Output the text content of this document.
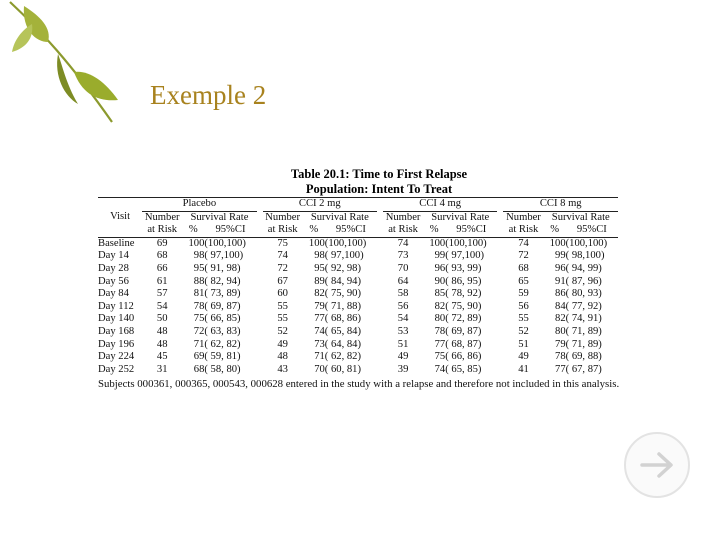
Exemple 2
Table 20.1: Time to First Relapse
Population: Intent To Treat
	Placebo				CCI 2 mg				CCI 4 mg				CCI 8 mg		
Visit	Number	Survival Rate			Number	Survival Rate			Number	Survival Rate			Number	Survival Rate	
	at Risk	%	95%CI		at Risk	%	95%CI		at Risk	%	95%CI		at Risk	%	95%CI
Baseline	69	100	(100,100)		75	100	(100,100)		74	100	(100,100)		74	100	(100,100)
Day 14	68	98	( 97,100)		74	98	( 97,100)		73	99	( 97,100)		72	99	( 98,100)
Day 28	66	95	( 91, 98)		72	95	( 92, 98)		70	96	( 93, 99)		68	96	( 94, 99)
Day 56	61	88	( 82, 94)		67	89	( 84, 94)		64	90	( 86, 95)		65	91	( 87, 96)
Day 84	57	81	( 73, 89)		60	82	( 75, 90)		58	85	( 78, 92)		59	86	( 80, 93)
Day 112	54	78	( 69, 87)		55	79	( 71, 88)		56	82	( 75, 90)		56	84	( 77, 92)
Day 140	50	75	( 66, 85)		55	77	( 68, 86)		54	80	( 72, 89)		55	82	( 74, 91)
Day 168	48	72	( 63, 83)		52	74	( 65, 84)		53	78	( 69, 87)		52	80	( 71, 89)
Day 196	48	71	( 62, 82)		49	73	( 64, 84)		51	77	( 68, 87)		51	79	( 71, 89)
Day 224	45	69	( 59, 81)		48	71	( 62, 82)		49	75	( 66, 86)		49	78	( 69, 88)
Day 252	31	68	( 58, 80)		43	70	( 60, 81)		39	74	( 65, 85)		41	77	( 67, 87)
Subjects 000361, 000365, 000543, 000628 entered in the study with a relapse and therefore not included in this analysis.
